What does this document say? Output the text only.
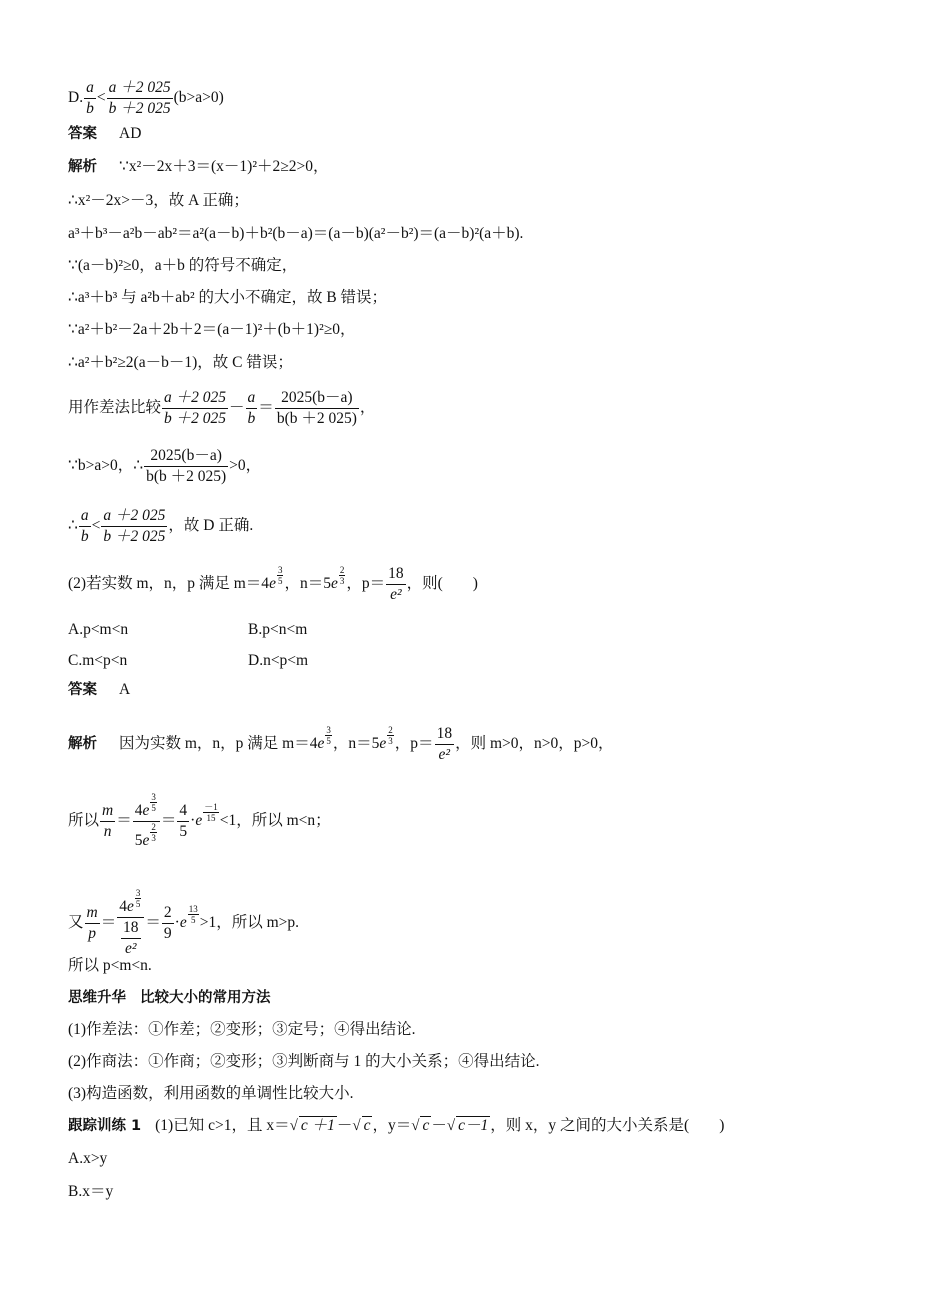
D. $\frac{a}{b} < \frac{a +2 025}{b +2 025} (b>a>0)$
答案 AD
解析 ∵x²－2x＋3＝(x－1)²＋2≥2>0，
∴x²－2x>－3，故 A 正确；
a³＋b³－a²b－ab²＝a²(a－b)＋b²(b－a)＝(a－b)(a²－b²)＝(a－b)²(a＋b).
∵(a－b)²≥0，a＋b 的符号不确定，
∴a³＋b³ 与 a²b＋ab² 的大小不确定，故 B 错误；
∵a²＋b²－2a＋2b＋2＝(a－1)²＋(b＋1)²≥0，
∴a²＋b²≥2(a－b－1)，故 C 错误；
用作差法比较 $\frac{a +2 025}{b +2 025} - \frac{a}{b} = \frac{2025(b-a)}{b(b +2 025)}$ ，
∵b>a>0，∴ $\frac{2025(b-a)}{b(b +2 025)} >0$，
∴ $\frac{a}{b} < \frac{a +2 025}{b +2 025}$ ，故 D 正确.
(2)若实数 m，n，p 满足 $m=4e \frac{3}{5}$ ，$n=5e \frac{2}{3}$ ，$p= \frac{18}{\text{e²}}$ ，则( )
A.p<m<n	B.p<n<m
C.m<p<n	D.n<p<m
答案 A
解析 因为实数 m，n，p 满足 $m=4e \frac{3}{5}$ ，$n=5e \frac{2}{3}$ ，$p= \frac{18}{\text{e²}}$ ，则 m>0，n>0，p>0，
所以 $\frac{m}{n} = \frac{4e \frac{3}{5}}{5e \frac{2}{3}} = \frac{4}{5} \cdot e \frac{-1}{15} <1$，所以 m<n；
又 $\frac{m}{p} = \frac{4e \frac{3}{5}}{\frac{18}{\text{e²}}} = \frac{2}{9} \cdot e \frac{13}{5} >1$，所以 m>p.
所以 p<m<n.
思维升华 比较大小的常用方法
(1)作差法：①作差；②变形；③定号；④得出结论.
(2)作商法：①作商；②变形；③判断商与 1 的大小关系；④得出结论.
(3)构造函数，利用函数的单调性比较大小.
跟踪训练 1 (1)已知 c>1，且 x＝√ c ＋1 －√ c ，y＝√ c －√ c－1 ，则 x，y 之间的大小关系是( )
A.x>y
B.x＝y
